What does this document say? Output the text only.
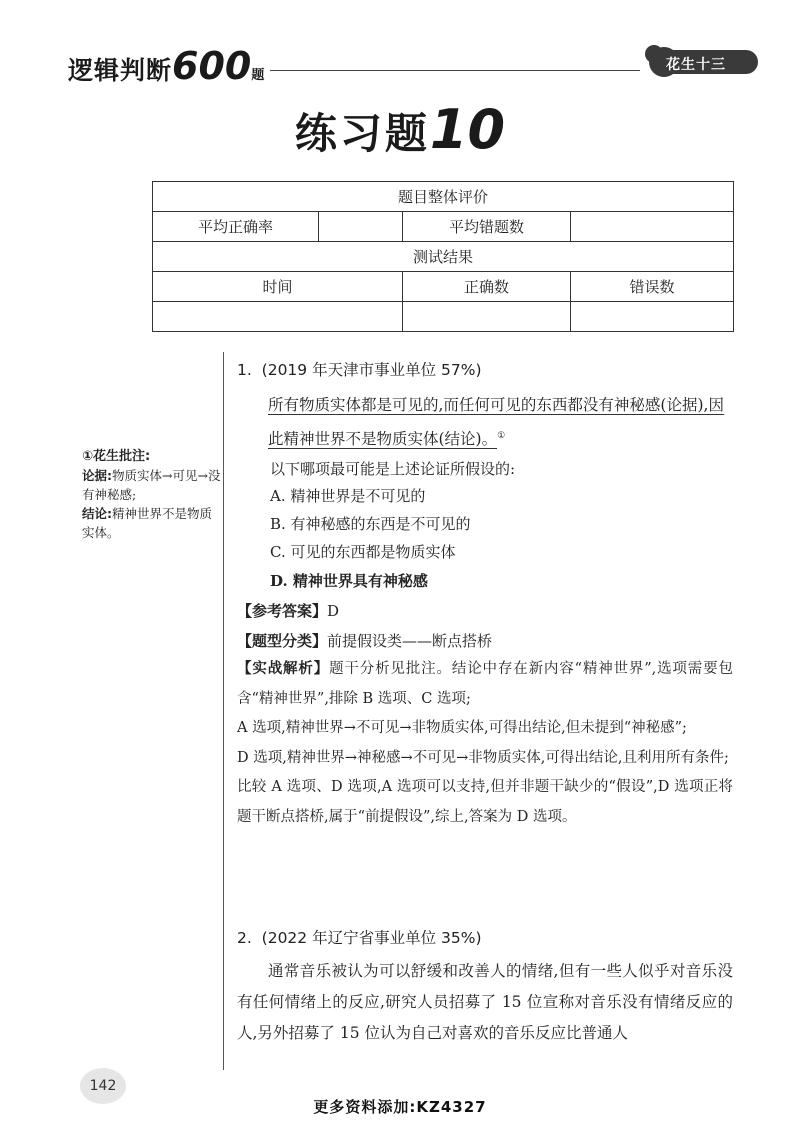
逻辑判断600题
花生十三
练习题10
题目整体评价			
平均正确率		平均错题数	
测试结果			
时间		正确数	错误数

①花生批注:
论据:物质实体→可见→没有神秘感;
结论:精神世界不是物质实体。
1. (2019 年天津市事业单位 57%)
所有物质实体都是可见的,而任何可见的东西都没有神秘感(论据),因此精神世界不是物质实体(结论)。①
以下哪项最可能是上述论证所假设的:
A. 精神世界是不可见的
B. 有神秘感的东西是不可见的
C. 可见的东西都是物质实体
D. 精神世界具有神秘感
【参考答案】D
【题型分类】前提假设类——断点搭桥

【实战解析】题干分析见批注。结论中存在新内容“精神世界”,选项需要包含“精神世界”,排除 B 选项、C 选项;

A 选项,精神世界→不可见→非物质实体,可得出结论,但未提到“神秘感”;

D 选项,精神世界→神秘感→不可见→非物质实体,可得出结论,且利用所有条件;

比较 A 选项、D 选项,A 选项可以支持,但并非题干缺少的“假设”,D 选项正将题干断点搭桥,属于“前提假设”,综上,答案为 D 选项。

2. (2022 年辽宁省事业单位 35%)
通常音乐被认为可以舒缓和改善人的情绪,但有一些人似乎对音乐没有任何情绪上的反应,研究人员招募了 15 位宣称对音乐没有情绪反应的人,另外招募了 15 位认为自己对喜欢的音乐反应比普通人
142
更多资料添加:KZ4327
